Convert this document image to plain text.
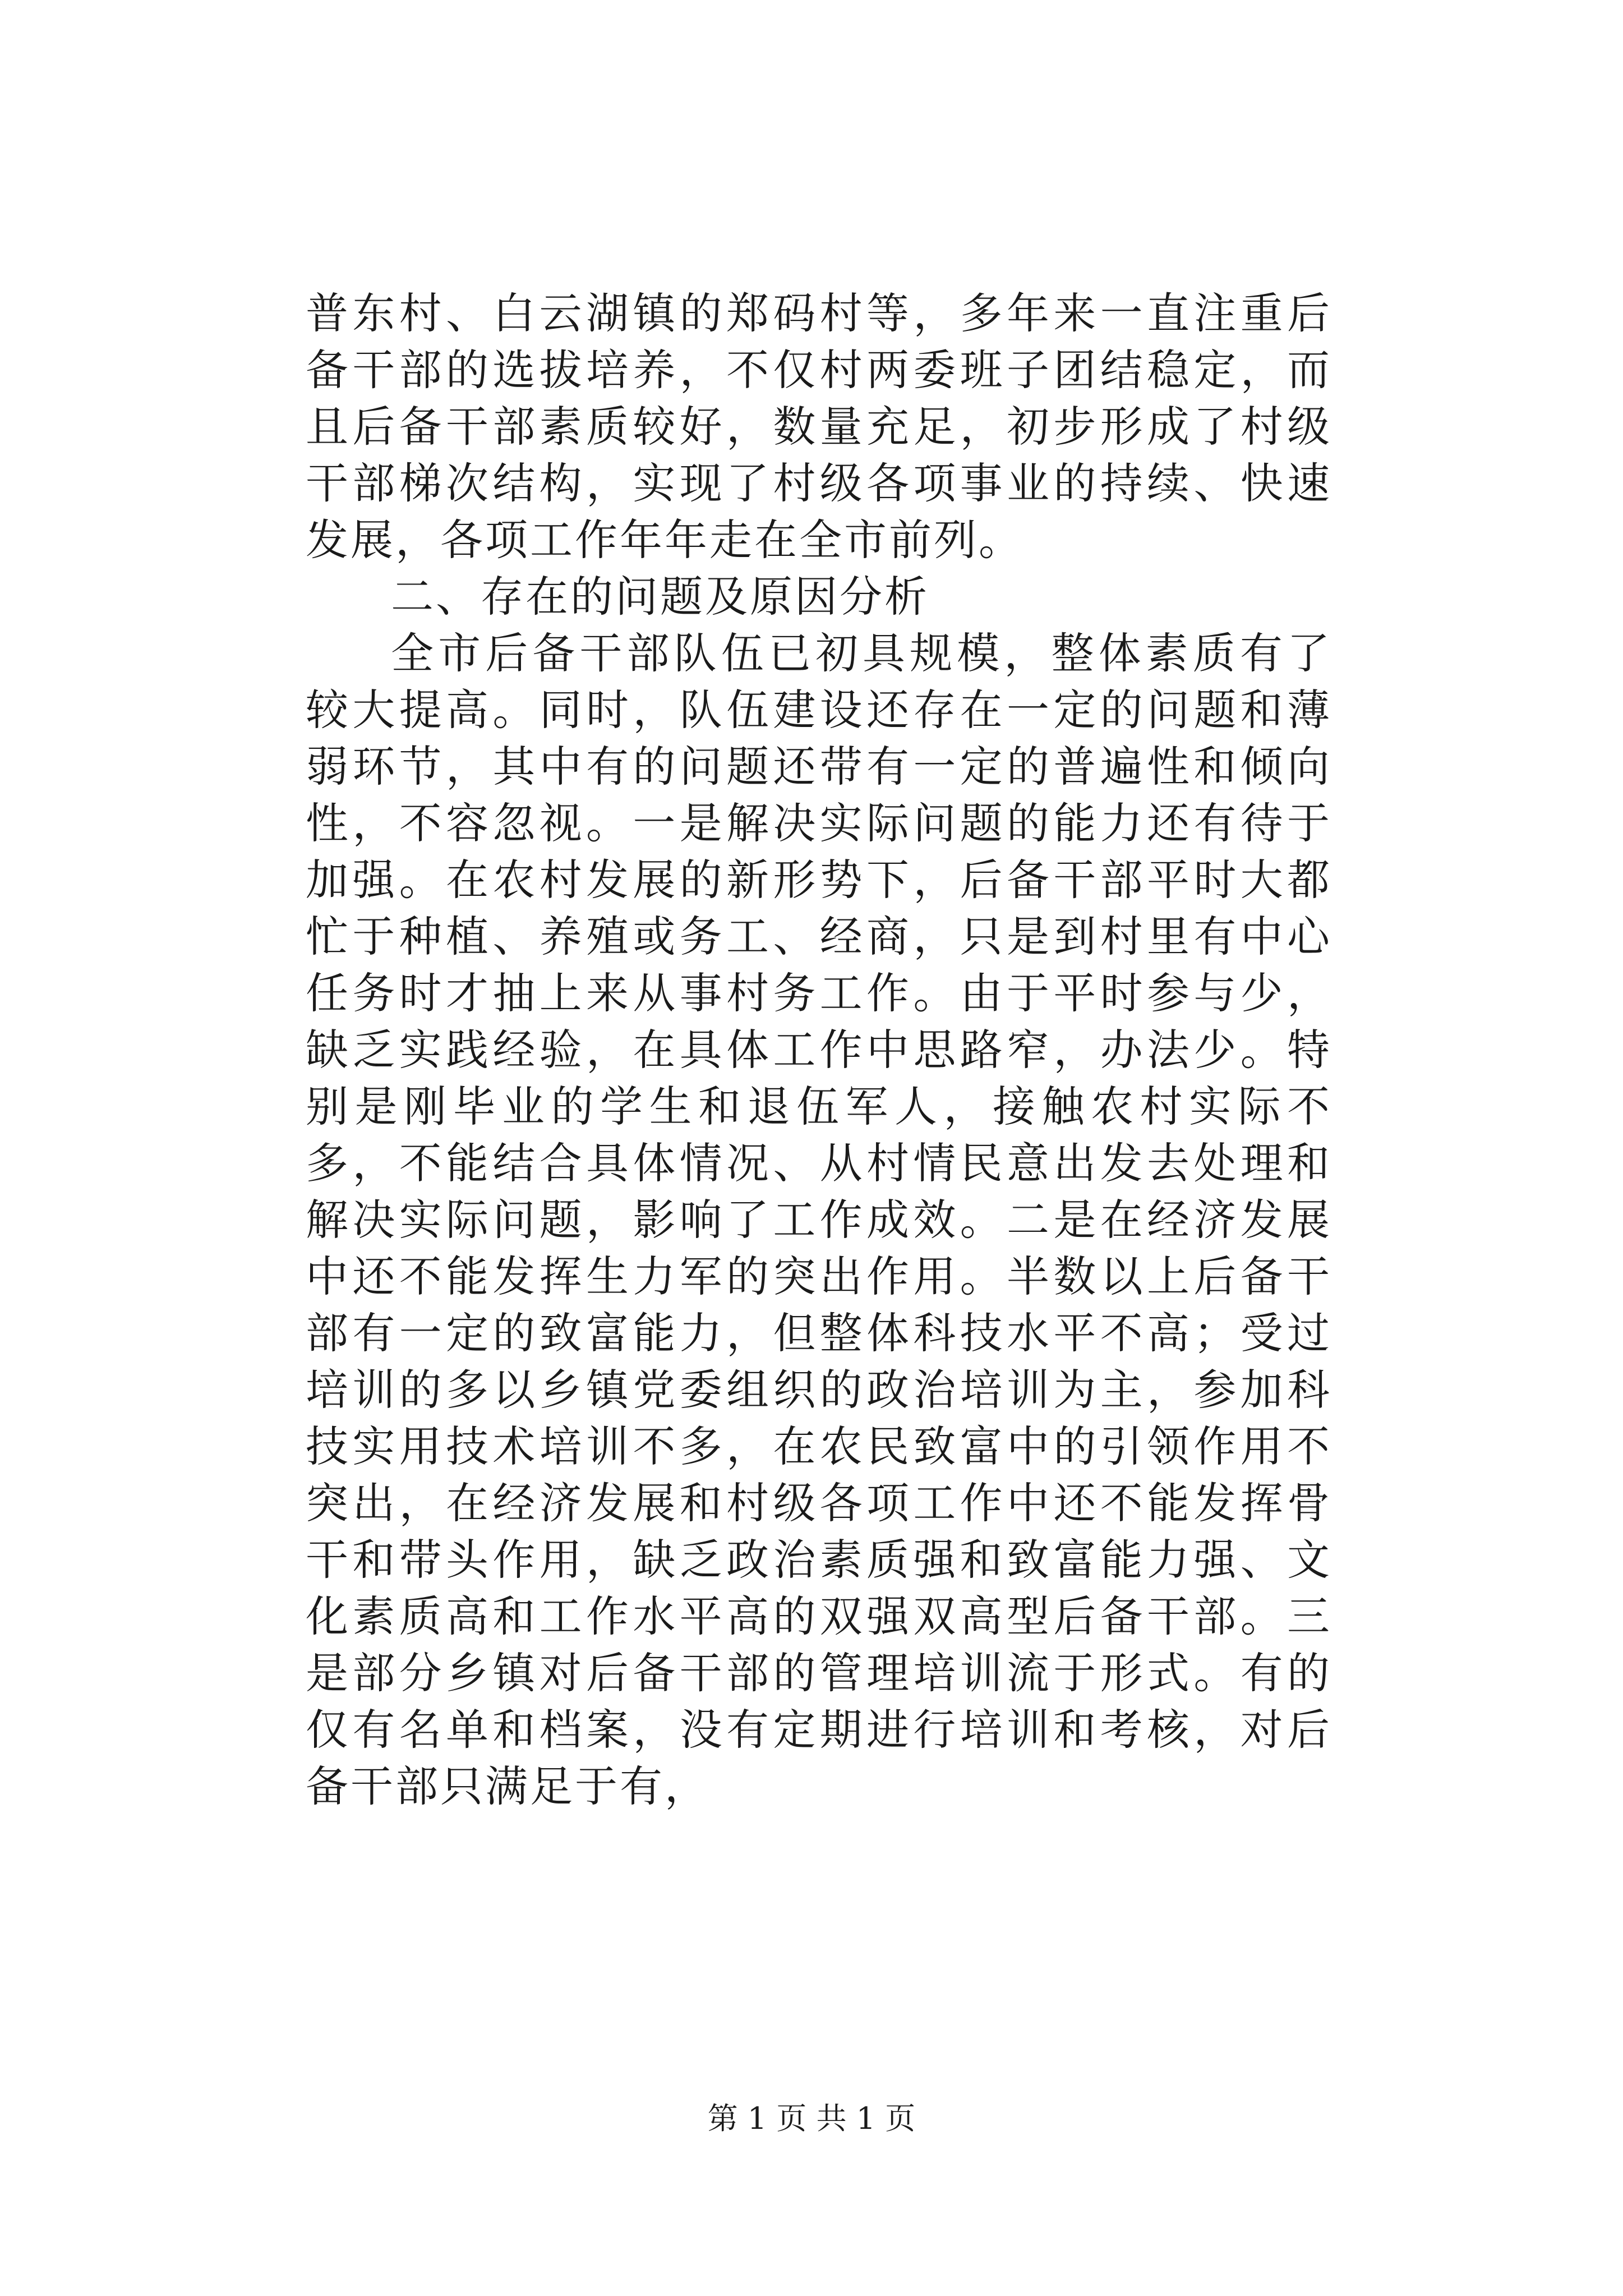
普东村、白云湖镇的郑码村等，多年来一直注重后备干部的选拔培养，不仅村两委班子团结稳定，而且后备干部素质较好，数量充足，初步形成了村级干部梯次结构，实现了村级各项事业的持续、快速发展，各项工作年年走在全市前列。

二、存在的问题及原因分析

全市后备干部队伍已初具规模，整体素质有了较大提高。同时，队伍建设还存在一定的问题和薄弱环节，其中有的问题还带有一定的普遍性和倾向性，不容忽视。一是解决实际问题的能力还有待于加强。在农村发展的新形势下，后备干部平时大都忙于种植、养殖或务工、经商，只是到村里有中心任务时才抽上来从事村务工作。由于平时参与少，缺乏实践经验，在具体工作中思路窄，办法少。特别是刚毕业的学生和退伍军人，接触农村实际不多，不能结合具体情况、从村情民意出发去处理和解决实际问题，影响了工作成效。二是在经济发展中还不能发挥生力军的突出作用。半数以上后备干部有一定的致富能力，但整体科技水平不高；受过培训的多以乡镇党委组织的政治培训为主，参加科技实用技术培训不多，在农民致富中的引领作用不突出，在经济发展和村级各项工作中还不能发挥骨干和带头作用，缺乏政治素质强和致富能力强、文化素质高和工作水平高的双强双高型后备干部。三是部分乡镇对后备干部的管理培训流于形式。有的仅有名单和档案，没有定期进行培训和考核，对后备干部只满足于有，

第 1 页 共 1 页
